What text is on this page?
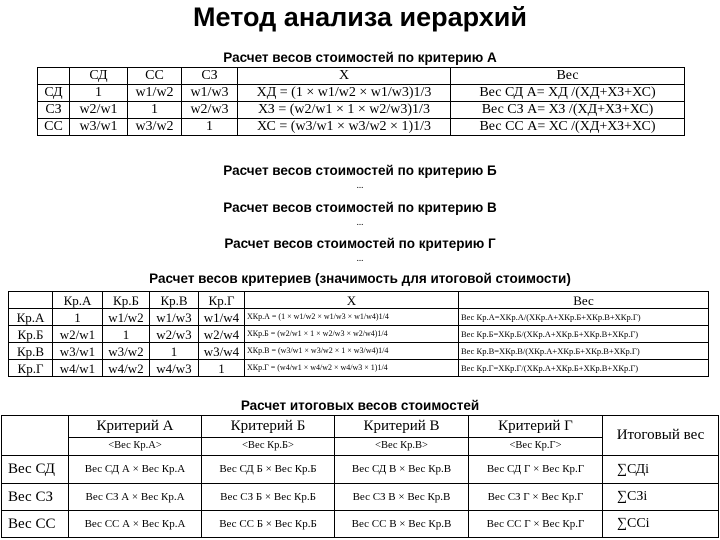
Метод анализа иерархий
Расчет весов стоимостей по критерию А
	СД	СС	СЗ	Х	Вес
СД	1	w1/w2	w1/w3	ХД = (1 × w1/w2 × w1/w3)1/3	Вес СД А= ХД /(ХД+ХЗ+ХС)
СЗ	w2/w1	1	w2/w3	ХЗ = (w2/w1 × 1 × w2/w3)1/3	Вес СЗ А= ХЗ /(ХД+ХЗ+ХС)
СС	w3/w1	w3/w2	1	ХС = (w3/w1 × w3/w2 × 1)1/3	Вес СС А= ХС /(ХД+ХЗ+ХС)
Расчет весов стоимостей по критерию Б
...
Расчет весов стоимостей по критерию В
...
Расчет весов стоимостей по критерию Г
...
Расчет весов критериев (значимость для итоговой стоимости)
	Кр.А	Кр.Б	Кр.В	Кр.Г	Х	Вес
Кр.А	1	w1/w2	w1/w3	w1/w4	ХКр.А = (1 × w1/w2 × w1/w3 × w1/w4)1/4	Вес Кр.А=ХКр.А/(ХКр.А+ХКр.Б+ХКр.В+ХКр.Г)
Кр.Б	w2/w1	1	w2/w3	w2/w4	ХКр.Б = (w2/w1 × 1 × w2/w3 × w2/w4)1/4	Вес Кр.Б=ХКр.Б/(ХКр.А+ХКр.Б+ХКр.В+ХКр.Г)
Кр.В	w3/w1	w3/w2	1	w3/w4	ХКр.В = (w3/w1 × w3/w2 × 1 × w3/w4)1/4	Вес Кр.В=ХКр.В/(ХКр.А+ХКр.Б+ХКр.В+ХКр.Г)
Кр.Г	w4/w1	w4/w2	w4/w3	1	ХКр.Г = (w4/w1 × w4/w2 × w4/w3 × 1)1/4	Вес Кр.Г=ХКр.Г/(ХКр.А+ХКр.Б+ХКр.В+ХКр.Г)
Расчет итоговых весов стоимостей
	Критерий А	Критерий Б	Критерий В	Критерий Г	Итоговый вес
	<Вес Кр.А>	<Вес Кр.Б>	<Вес Кр.В>	<Вес Кр.Г>	
Вес СД	Вес СД А × Вес Кр.А	Вес СД Б × Вес Кр.Б	Вес СД В × Вес Кр.В	Вес СД Г × Вес Кр.Г	∑СДi
Вес СЗ	Вес СЗ А × Вес Кр.А	Вес СЗ Б × Вес Кр.Б	Вес СЗ В × Вес Кр.В	Вес СЗ Г × Вес Кр.Г	∑СЗi
Вес СС	Вес СС А × Вес Кр.А	Вес СС Б × Вес Кр.Б	Вес СС В × Вес Кр.В	Вес СС Г × Вес Кр.Г	∑ССi
